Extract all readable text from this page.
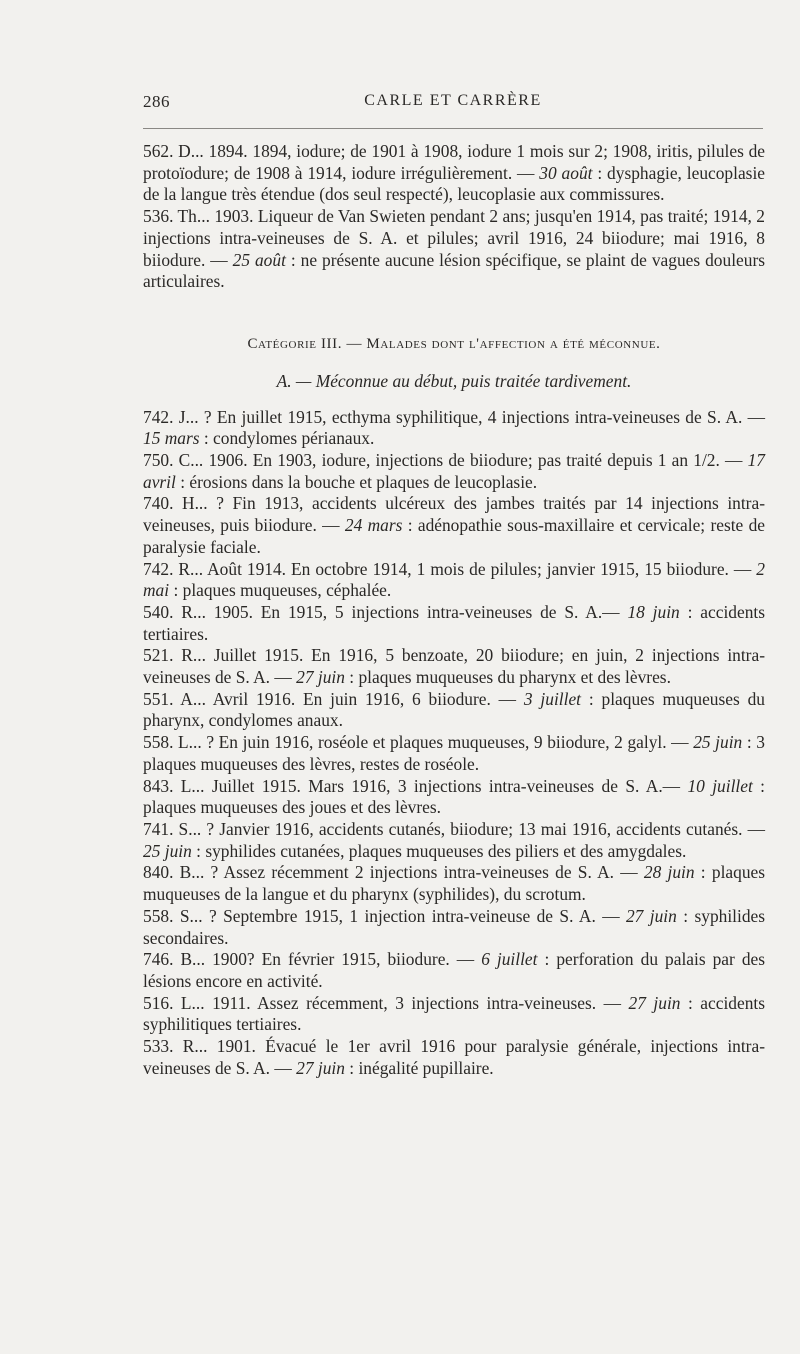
286	CARLE ET CARRÈRE

562. D... 1894. 1894, iodure; de 1901 à 1908, iodure 1 mois sur 2; 1908, iritis, pilules de protoïodure; de 1908 à 1914, iodure irrégulièrement. — 30 août : dysphagie, leucoplasie de la langue très étendue (dos seul respecté), leucoplasie aux commissures.

536. Th... 1903. Liqueur de Van Swieten pendant 2 ans; jusqu'en 1914, pas traité; 1914, 2 injections intra-veineuses de S. A. et pilules; avril 1916, 24 biiodure; mai 1916, 8 biiodure. — 25 août : ne présente aucune lésion spécifique, se plaint de vagues douleurs articulaires.

Catégorie III. — Malades dont l'affection a été méconnue.

A. — Méconnue au début, puis traitée tardivement.

742. J... ? En juillet 1915, ecthyma syphilitique, 4 injections intra-veineuses de S. A. — 15 mars : condylomes périanaux.

750. C... 1906. En 1903, iodure, injections de biiodure; pas traité depuis 1 an 1/2. — 17 avril : érosions dans la bouche et plaques de leucoplasie.

740. H... ? Fin 1913, accidents ulcéreux des jambes traités par 14 injections intra-veineuses, puis biiodure. — 24 mars : adénopathie sous-maxillaire et cervicale; reste de paralysie faciale.

742. R... Août 1914. En octobre 1914, 1 mois de pilules; janvier 1915, 15 biiodure. — 2 mai : plaques muqueuses, céphalée.

540. R... 1905. En 1915, 5 injections intra-veineuses de S. A.— 18 juin : accidents tertiaires.

521. R... Juillet 1915. En 1916, 5 benzoate, 20 biiodure; en juin, 2 injections intra-veineuses de S. A. — 27 juin : plaques muqueuses du pharynx et des lèvres.

551. A... Avril 1916. En juin 1916, 6 biiodure. — 3 juillet : plaques muqueuses du pharynx, condylomes anaux.

558. L... ? En juin 1916, roséole et plaques muqueuses, 9 biiodure, 2 galyl. — 25 juin : 3 plaques muqueuses des lèvres, restes de roséole.

843. L... Juillet 1915. Mars 1916, 3 injections intra-veineuses de S. A.— 10 juillet : plaques muqueuses des joues et des lèvres.

741. S... ? Janvier 1916, accidents cutanés, biiodure; 13 mai 1916, accidents cutanés. — 25 juin : syphilides cutanées, plaques muqueuses des piliers et des amygdales.

840. B... ? Assez récemment 2 injections intra-veineuses de S. A. — 28 juin : plaques muqueuses de la langue et du pharynx (syphilides), du scrotum.

558. S... ? Septembre 1915, 1 injection intra-veineuse de S. A. — 27 juin : syphilides secondaires.

746. B... 1900? En février 1915, biiodure. — 6 juillet : perforation du palais par des lésions encore en activité.

516. L... 1911. Assez récemment, 3 injections intra-veineuses. — 27 juin : accidents syphilitiques tertiaires.

533. R... 1901. Évacué le 1er avril 1916 pour paralysie générale, injections intra-veineuses de S. A. — 27 juin : inégalité pupillaire.
